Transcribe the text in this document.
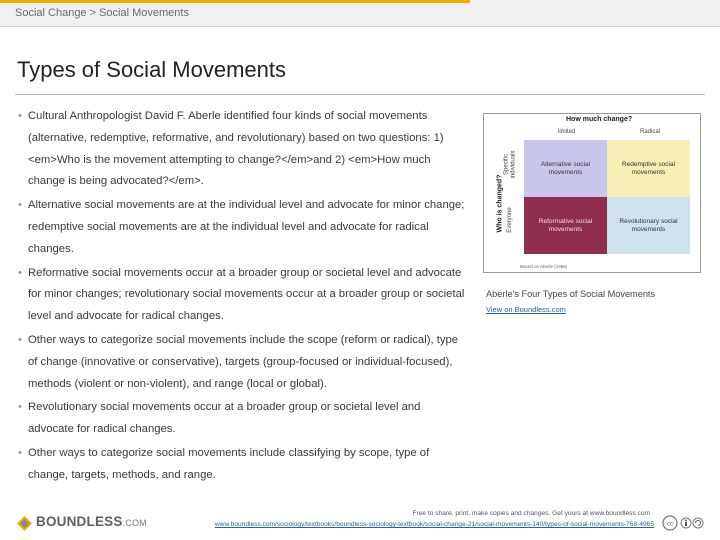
Social Change > Social Movements
Types of Social Movements
• Cultural Anthropologist David F. Aberle identified four kinds of social movements (alternative, redemptive, reformative, and revolutionary) based on two questions: 1) <em>Who is the movement attempting to change?</em>and 2) <em>How much change is being advocated?</em>.
• Alternative social movements are at the individual level and advocate for minor change; redemptive social movements are at the individual level and advocate for radical changes.
• Reformative social movements occur at a broader group or societal level and advocate for minor changes; revolutionary social movements occur at a broader group or societal level and advocate for radical changes.
• Other ways to categorize social movements include the scope (reform or radical), type of change (innovative or conservative), targets (group-focused or individual-focused), methods (violent or non-violent), and range (local or global).
• Revolutionary social movements occur at a broader group or societal level and advocate for radical changes.
• Other ways to categorize social movements include classifying by scope, type of change, targets, methods, and range.
How much change?
limited	Radical
Who is changed?
Specific individuals
Everyone
Alternative social movements
Redemptive social movements
Reformative social movements
Revolutionary social movements
Based on Aberle (1966)
Aberle's Four Types of Social Movements
View on Boundless.com
BOUNDLESS.COM
Free to share, print, make copies and changes. Get yours at www.boundless.com
www.boundless.com/sociology/textbooks/boundless-sociology-textbook/social-change-21/social-movements-140/types-of-social-movements-768-4965 cc
